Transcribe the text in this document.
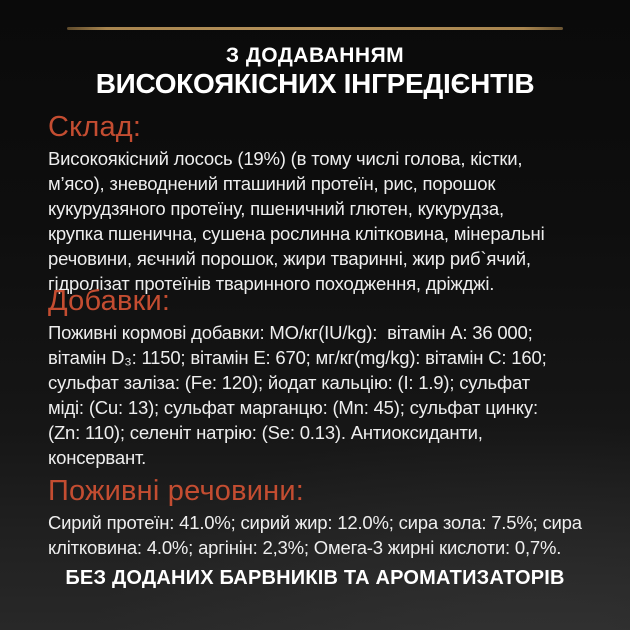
З ДОДАВАННЯМ
ВИСОКОЯКІСНИХ ІНГРЕДІЄНТІВ
Склад:
Високоякісний лосось (19%) (в тому числі голова, кістки,
м’ясо), зневоднений пташиний протеїн, рис, порошок
кукурудзяного протеїну, пшеничний глютен, кукурудза,
крупка пшенична, сушена рослинна клітковина, мінеральні
речовини, яєчний порошок, жири тваринні, жир риб`ячий,
гідролізат протеїнів тваринного походження, дріжджі.
Добавки:
Поживні кормові добавки: МО/кг(IU/kg):  вітамін А: 36 000;
вітамін D₃: 1150; вітамін Е: 670; мг/кг(mg/kg): вітамін С: 160;
сульфат заліза: (Fe: 120); йодат кальцію: (I: 1.9); сульфат
міді: (Cu: 13); сульфат марганцю: (Mn: 45); сульфат цинку:
(Zn: 110); селеніт натрію: (Se: 0.13). Антиоксиданти,
консервант.
Поживні речовини:
Сирий протеїн: 41.0%; сирий жир: 12.0%; сира зола: 7.5%; сира
клітковина: 4.0%; аргінін: 2,3%; Омега-3 жирні кислоти: 0,7%.
БЕЗ ДОДАНИХ БАРВНИКІВ ТА АРОМАТИЗАТОРІВ
